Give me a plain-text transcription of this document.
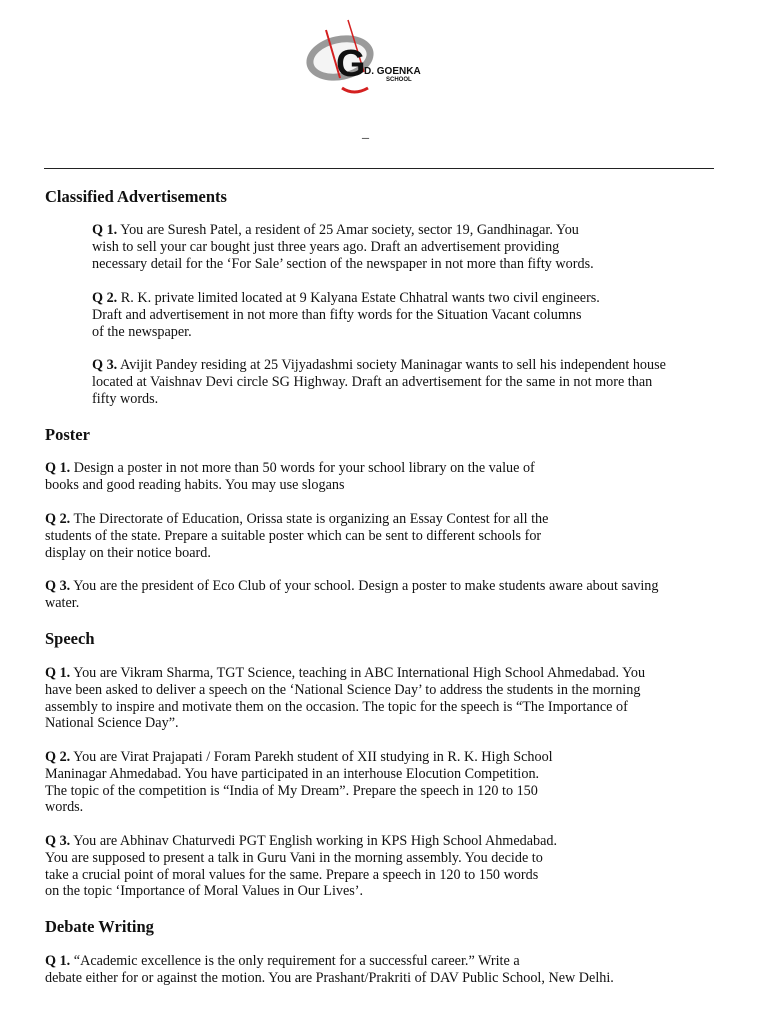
G
D. GOENKA
SCHOOL
_
Classified Advertisements

Q 1. You are Suresh Patel, a resident of 25 Amar society, sector 19, Gandhinagar. You
wish to sell your car bought just three years ago. Draft an advertisement providing
necessary detail for the ‘For Sale’ section of the newspaper in not more than fifty words.

Q 2. R. K. private limited located at 9 Kalyana Estate Chhatral wants two civil engineers.
Draft and advertisement in not more than fifty words for the Situation Vacant columns
of the newspaper.

Q 3. Avijit Pandey residing at 25 Vijyadashmi society Maninagar wants to sell his independent house
located at Vaishnav Devi circle SG Highway. Draft an advertisement for the same in not more than
fifty words.

Poster

Q 1. Design a poster in not more than 50 words for your school library on the value of
books and good reading habits. You may use slogans

Q 2. The Directorate of Education, Orissa state is organizing an Essay Contest for all the
students of the state. Prepare a suitable poster which can be sent to different schools for
display on their notice board.

Q 3. You are the president of Eco Club of your school. Design a poster to make students aware about saving
water.

Speech

Q 1. You are Vikram Sharma, TGT Science, teaching in ABC International High School Ahmedabad. You
have been asked to deliver a speech on the ‘National Science Day’ to address the students in the morning
assembly to inspire and motivate them on the occasion. The topic for the speech is “The Importance of
National Science Day”.

Q 2. You are Virat Prajapati / Foram Parekh student of XII studying in R. K. High School
Maninagar Ahmedabad. You have participated in an interhouse Elocution Competition.
The topic of the competition is “India of My Dream”. Prepare the speech in 120 to 150
words.

Q 3. You are Abhinav Chaturvedi PGT English working in KPS High School Ahmedabad.
You are supposed to present a talk in Guru Vani in the morning assembly. You decide to
take a crucial point of moral values for the same. Prepare a speech in 120 to 150 words
on the topic ‘Importance of Moral Values in Our Lives’.

Debate Writing

Q 1. “Academic excellence is the only requirement for a successful career.” Write a
debate either for or against the motion. You are Prashant/Prakriti of DAV Public School, New Delhi.
